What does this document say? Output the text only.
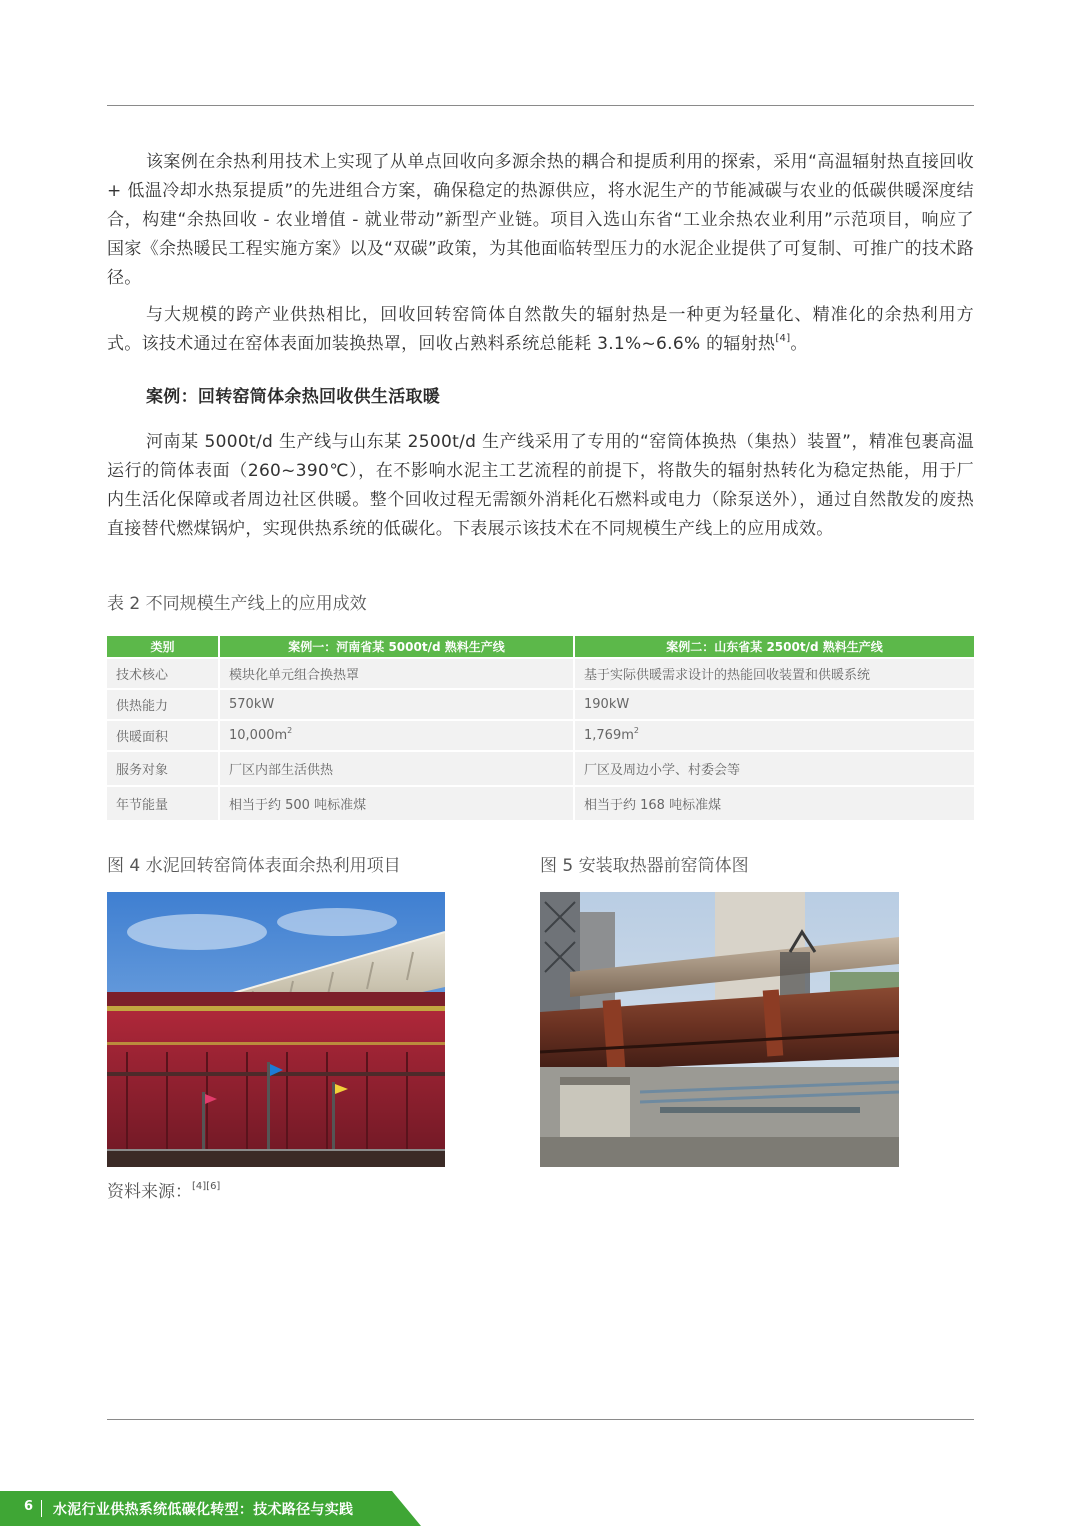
该案例在余热利用技术上实现了从单点回收向多源余热的耦合和提质利用的探索，采用“高温辐射热直接回收 + 低温冷却水热泵提质”的先进组合方案，确保稳定的热源供应，将水泥生产的节能减碳与农业的低碳供暖深度结合，构建“余热回收 - 农业增值 - 就业带动”新型产业链。项目入选山东省“工业余热农业利用”示范项目，响应了国家《余热暖民工程实施方案》以及“双碳”政策，为其他面临转型压力的水泥企业提供了可复制、可推广的技术路径。

与大规模的跨产业供热相比，回收回转窑筒体自然散失的辐射热是一种更为轻量化、精准化的余热利用方式。该技术通过在窑体表面加装换热罩，回收占熟料系统总能耗 3.1%~6.6% 的辐射热[4]。

案例：回转窑筒体余热回收供生活取暖

河南某 5000t/d 生产线与山东某 2500t/d 生产线采用了专用的“窑筒体换热（集热）装置”，精准包裹高温运行的筒体表面（260~390℃），在不影响水泥主工艺流程的前提下，将散失的辐射热转化为稳定热能，用于厂内生活化保障或者周边社区供暖。整个回收过程无需额外消耗化石燃料或电力（除泵送外），通过自然散发的废热直接替代燃煤锅炉，实现供热系统的低碳化。下表展示该技术在不同规模生产线上的应用成效。

表 2 不同规模生产线上的应用成效

类别	案例一：河南省某 5000t/d 熟料生产线	案例二：山东省某 2500t/d 熟料生产线
技术核心	模块化单元组合换热罩	基于实际供暖需求设计的热能回收装置和供暖系统
供热能力	570kW	190kW
供暖面积	$10,000m^2$	$1,769m^2$
服务对象	厂区内部生活供热	厂区及周边小学、村委会等
年节能量	相当于约 500 吨标准煤	相当于约 168 吨标准煤

图 4 水泥回转窑筒体表面余热利用项目	图 5 安装取热器前窑筒体图

资料来源：[4][6]

6 水泥行业供热系统低碳化转型：技术路径与实践
